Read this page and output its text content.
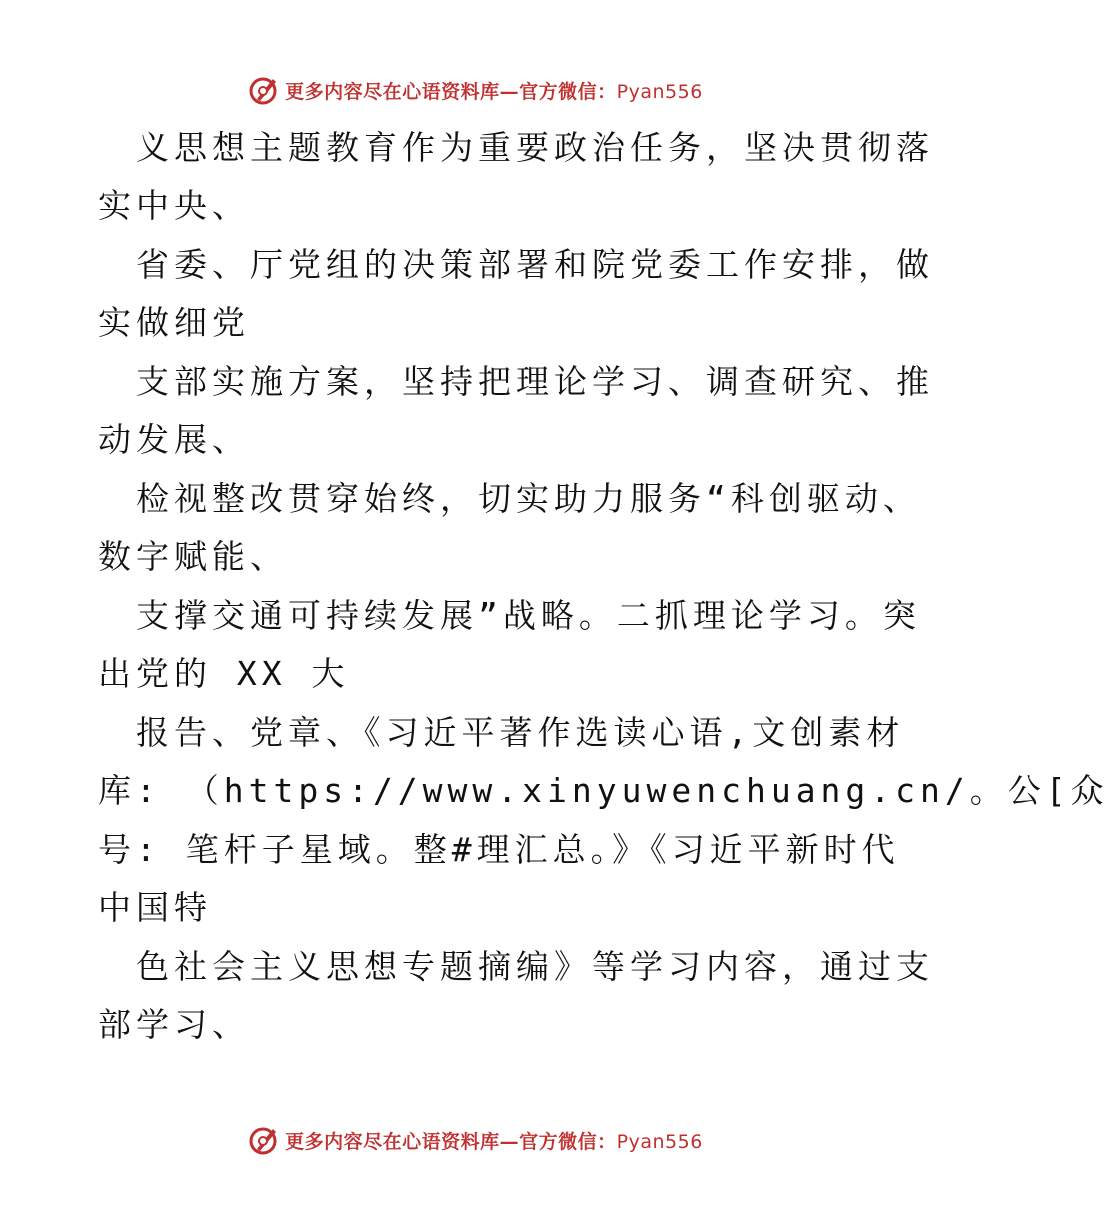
更多内容尽在心语资料库—官方微信：Pyan556
义思想主题教育作为重要政治任务，坚决贯彻落
实中央、
省委、厅党组的决策部署和院党委工作安排，做
实做细党
支部实施方案，坚持把理论学习、调查研究、推
动发展、
检视整改贯穿始终，切实助力服务“科创驱动、
数字赋能、
支撑交通可持续发展”战略。二抓理论学习。突
出党的 XX 大
报告、党章、《习近平著作选读心语,文创素材
库: （https://www.xinyuwenchuang.cn/。公[众
号: 笔杆子星域。整#理汇总。》《习近平新时代
中国特
色社会主义思想专题摘编》等学习内容，通过支
部学习、
更多内容尽在心语资料库—官方微信：Pyan556
